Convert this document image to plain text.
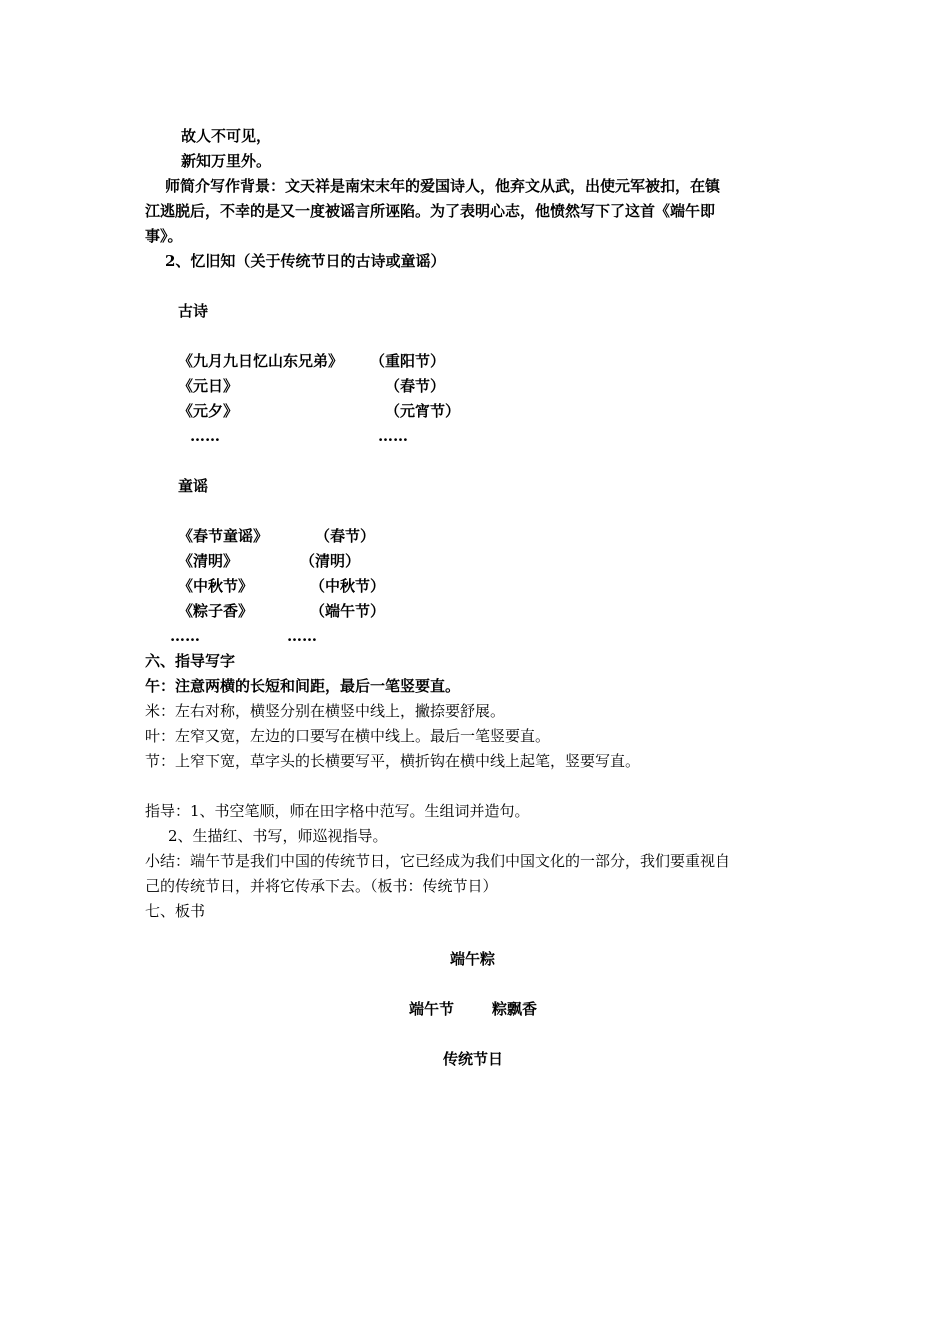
故人不可见，
新知万里外。
师简介写作背景：文天祥是南宋末年的爱国诗人，他弃文从武，出使元军被扣，在镇
江逃脱后，不幸的是又一度被谣言所诬陷。为了表明心志，他愤然写下了这首《端午即
事》。
2、忆旧知（关于传统节日的古诗或童谣）
古诗
《九月九日忆山东兄弟》 （重阳节）
《元日》	（春节）
《元夕》	（元宵节）
……	……
童谣
《春节童谣》	（春节）
《清明》	（清明）
《中秋节》	（中秋节）
《粽子香》	（端午节）
……	……
六、指导写字
午：注意两横的长短和间距，最后一笔竖要直。
米：左右对称，横竖分别在横竖中线上，撇捺要舒展。
叶：左窄又宽，左边的口要写在横中线上。最后一笔竖要直。
节：上窄下宽，草字头的长横要写平，横折钩在横中线上起笔，竖要写直。
指导：1、书空笔顺，师在田字格中范写。生组词并造句。
2、生描红、书写，师巡视指导。
小结：端午节是我们中国的传统节日，它已经成为我们中国文化的一部分，我们要重视自
己的传统节日，并将它传承下去。（板书：传统节日）
七、板书
端午粽
端午节	粽飘香
传统节日
